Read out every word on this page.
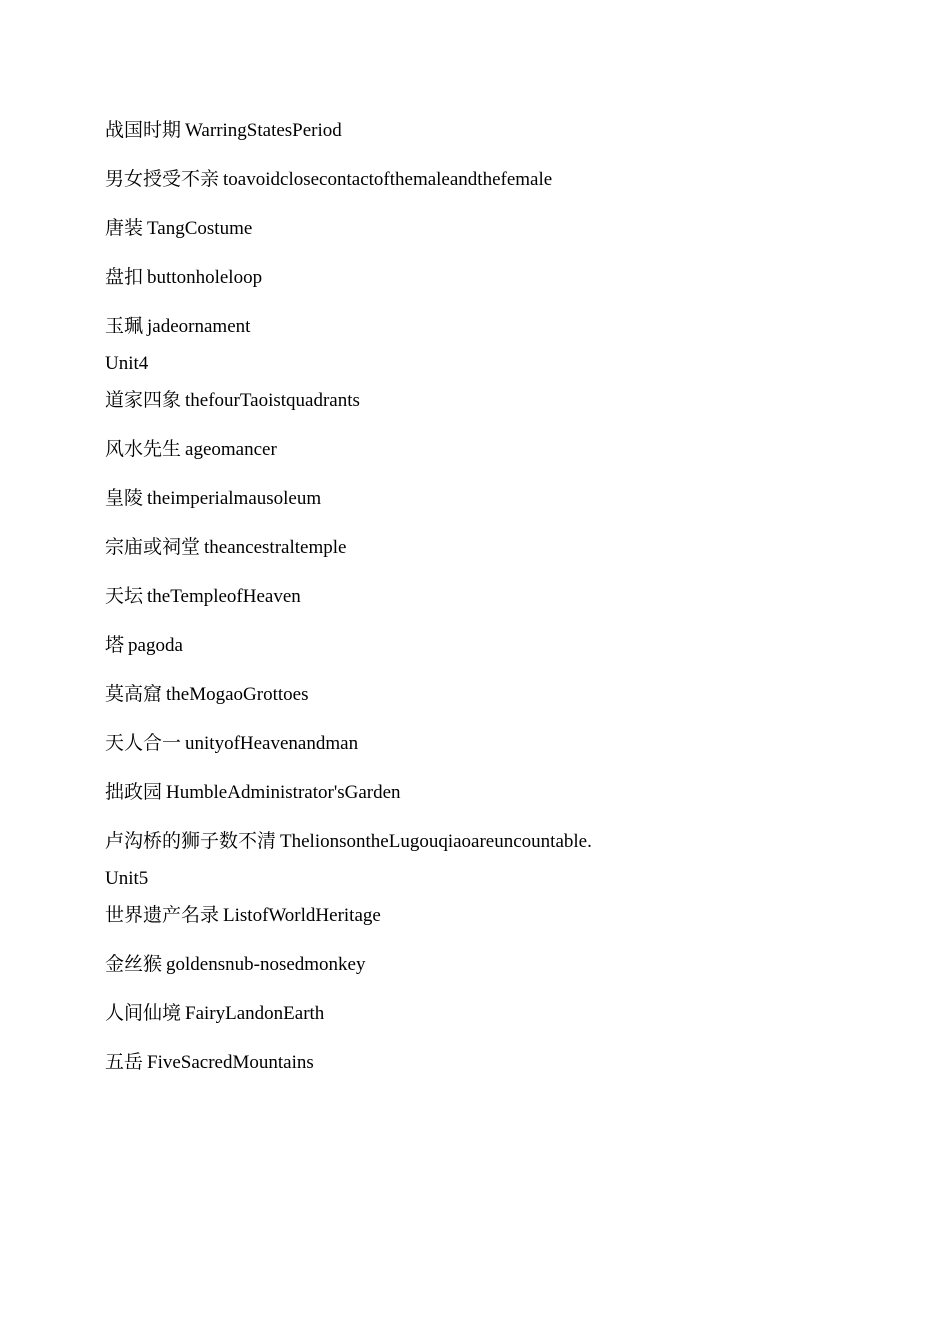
战国时期 WarringStatesPeriod
男女授受不亲 toavoidclosecontactofthemaleandthefemale
唐装 TangCostume
盘扣 buttonholeloop
玉珮 jadeornament
Unit4
道家四象 thefourTaoistquadrants
风水先生 ageomancer
皇陵 theimperialmausoleum
宗庙或祠堂 theancestraltemple
天坛 theTempleofHeaven
塔 pagoda
莫高窟 theMogaoGrottoes
天人合一 unityofHeavenandman
拙政园 HumbleAdministrator'sGarden
卢沟桥的狮子数不清 ThelionsontheLugouqiaoareuncountable.
Unit5
世界遗产名录 ListofWorldHeritage
金丝猴 goldensnub-nosedmonkey
人间仙境 FairyLandonEarth
五岳 FiveSacredMountains
